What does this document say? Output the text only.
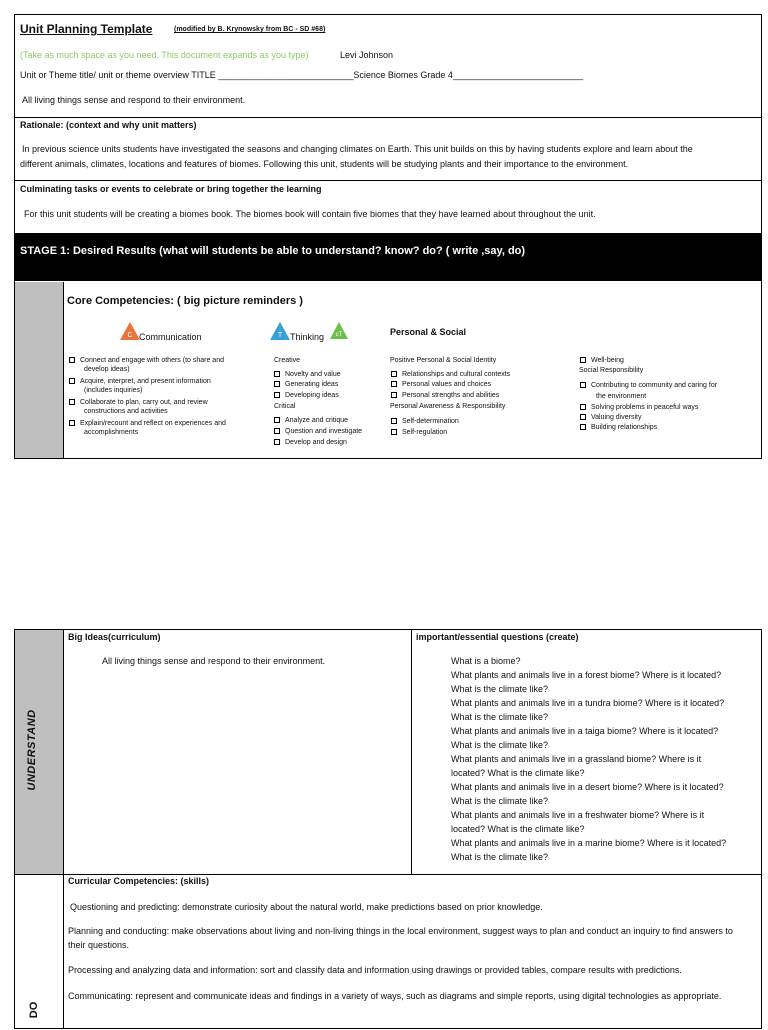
Unit Planning Template	(modified by B. Krynowsky from BC - SD #68)
(Take as much space as you need. This document expands as you type)	Levi Johnson
Unit or Theme title/ unit or theme overview TITLE ___________________________Science Biomes Grade 4__________________________
All living things sense and respond to their environment.
Rationale: (context and why unit matters)
In previous science units students have investigated the seasons and changing climates on Earth. This unit builds on this by having students explore and learn about the
different animals, climates, locations and features of biomes. Following this unit, students will be studying plants and their importance to the environment.
Culminating tasks or events to celebrate or bring together the learning
For this unit students will be creating a biomes book. The biomes book will contain five biomes that they have learned about throughout the unit.
STAGE 1: Desired Results (what will students be able to understand? know? do? ( write ,say, do)
Core Competencies: ( big picture reminders )
C Communication	T	cT
Thinking	Personal & Social
Connect and engage with others (to share and
develop ideas)
Acquire, interpret, and present information
(includes inquiries)
Collaborate to plan, carry out, and review
constructions and activities
Explain/recount and reflect on experiences and
accomplishments
Creative
Novelty and value
Generating ideas
Developing ideas
Critical
Analyze and critique
Question and investigate
Develop and design
Positive Personal & Social Identity
Relationships and cultural contexts
Personal values and choices
Personal strengths and abilities
Personal Awareness & Responsibility
Self-determination
Self-regulation
Well-being
Social Responsibility
Contributing to community and caring for
the environment
Solving problems in peaceful ways
Valuing diversity
Building relationships
UNDERSTAND
Big Ideas(curriculum)
All living things sense and respond to their environment.
important/essential questions (create)
What is a biome?
What plants and animals live in a forest biome? Where is it located?
What is the climate like?
What plants and animals live in a tundra biome? Where is it located?
What is the climate like?
What plants and animals live in a taiga biome? Where is it located?
What is the climate like?
What plants and animals live in a grassland biome? Where is it
located? What is the climate like?
What plants and animals live in a desert biome? Where is it located?
What is the climate like?
What plants and animals live in a freshwater biome? Where is it
located? What is the climate like?
What plants and animals live in a marine biome? Where is it located?
What is the climate like?
DO
Curricular Competencies: (skills)
Questioning and predicting: demonstrate curiosity about the natural world, make predictions based on prior knowledge.
Planning and conducting: make observations about living and non-living things in the local environment, suggest ways to plan and conduct an inquiry to find answers to their questions.
Processing and analyzing data and information: sort and classify data and information using drawings or provided tables, compare results with predictions.
Communicating: represent and communicate ideas and findings in a variety of ways, such as diagrams and simple reports, using digital technologies as appropriate.
